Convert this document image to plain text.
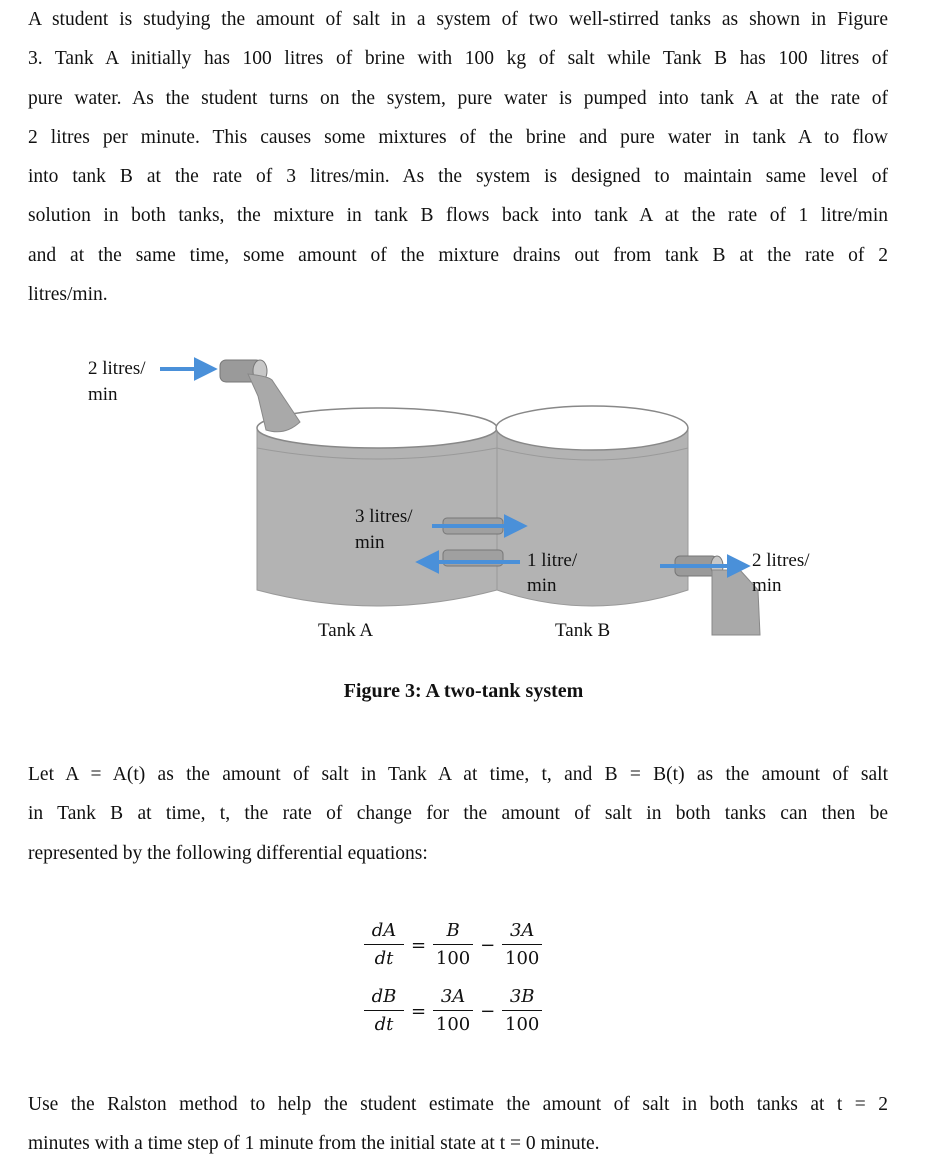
A student is studying the amount of salt in a system of two well-stirred tanks as shown in Figure
3. Tank A initially has 100 litres of brine with 100 kg of salt while Tank B has 100 litres of
pure water. As the student turns on the system, pure water is pumped into tank A at the rate of
2 litres per minute. This causes some mixtures of the brine and pure water in tank A to flow
into tank B at the rate of 3 litres/min. As the system is designed to maintain same level of
solution in both tanks, the mixture in tank B flows back into tank A at the rate of 1 litre/min
and at the same time, some amount of the mixture drains out from tank B at the rate of 2
litres/min.
2 litres/
min
3 litres/
min
1 litre/
min
2 litres/
min
Tank A	Tank B
Figure 3: A two-tank system
Let A = A(t) as the amount of salt in Tank A at time, t, and B = B(t) as the amount of salt
in Tank B at time, t, the rate of change for the amount of salt in both tanks can then be
represented by the following differential equations:
$\frac{dA}{dt} = \frac{B}{100} - \frac{3A}{100}$
$\frac{dB}{dt} = \frac{3A}{100} - \frac{3B}{100}$
Use the Ralston method to help the student estimate the amount of salt in both tanks at t = 2
minutes with a time step of 1 minute from the initial state at t = 0 minute.
